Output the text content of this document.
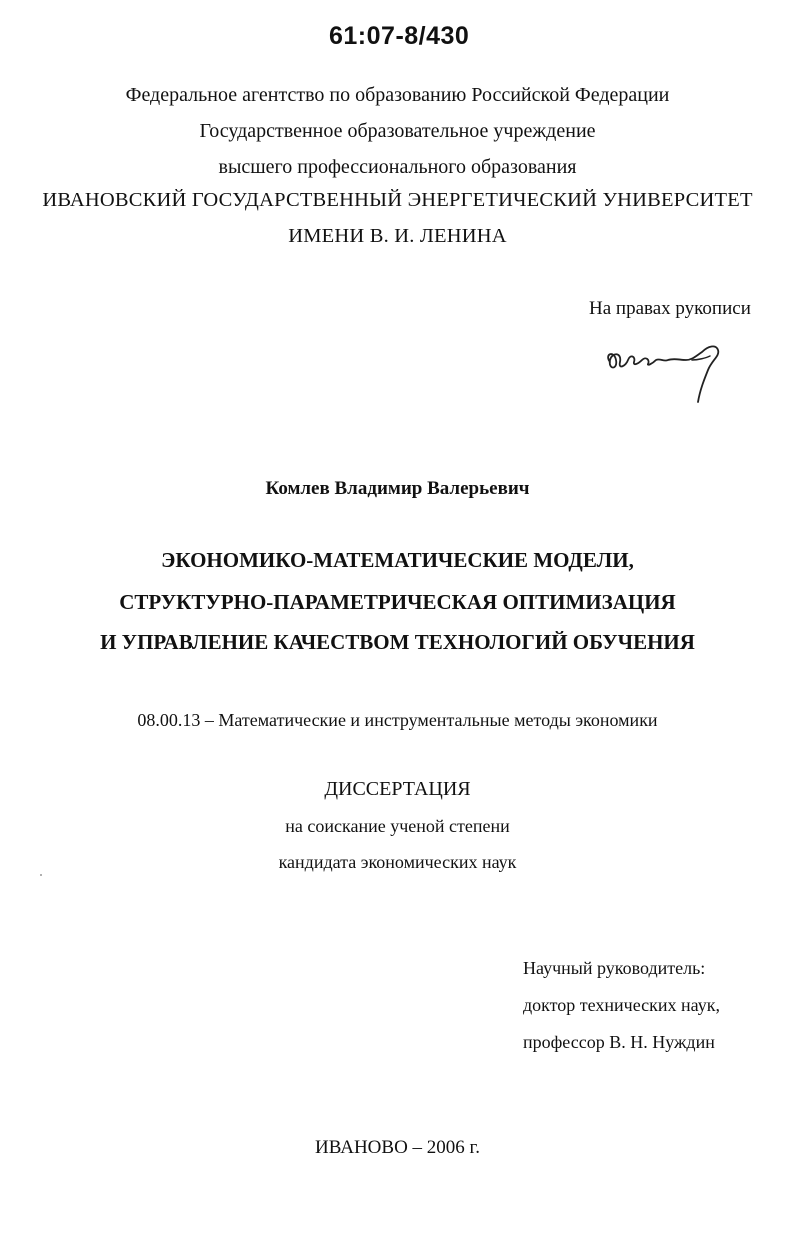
61:07-8/430
Федеральное агентство по образованию Российской Федерации
Государственное образовательное учреждение
высшего профессионального образования
ИВАНОВСКИЙ ГОСУДАРСТВЕННЫЙ ЭНЕРГЕТИЧЕСКИЙ УНИВЕРСИТЕТ
ИМЕНИ В. И. ЛЕНИНА
На правах рукописи
Комлев Владимир Валерьевич
ЭКОНОМИКО-МАТЕМАТИЧЕСКИЕ МОДЕЛИ,
СТРУКТУРНО-ПАРАМЕТРИЧЕСКАЯ ОПТИМИЗАЦИЯ
И УПРАВЛЕНИЕ КАЧЕСТВОМ ТЕХНОЛОГИЙ ОБУЧЕНИЯ
08.00.13 – Математические и инструментальные методы экономики
ДИССЕРТАЦИЯ
на соискание ученой степени
кандидата экономических наук
Научный руководитель:
доктор технических наук,
профессор В. Н. Нуждин
ИВАНОВО – 2006 г.
